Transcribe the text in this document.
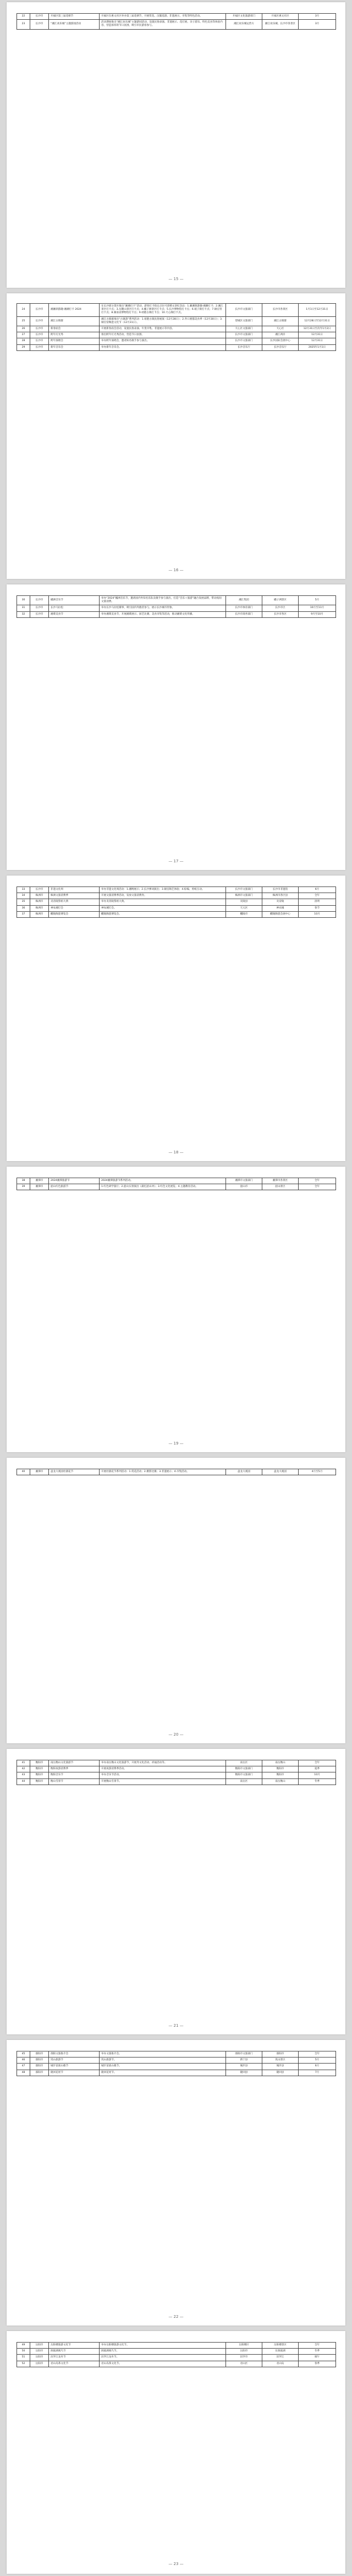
22	长沙市	开福区第三届花朝节	开福区在惠文社区举办第三届花朝节，开展赏花、汉服巡游、非遗展示、市集等特色活动。	开福区文化旅游部门	开福区惠文社区	3月
23	长沙市	“湘江欢乐城”主题游园活动	活动期间推出“湘江欢乐城”主题游园活动，设置民俗表演、非遗展示、花灯展、亲子游乐、特色美食等体验内容，营造浓厚的节日氛围，吸引市民游客参与。	湘江欢乐城运营方	湘江欢乐城、长沙市各景区	3月
— 15 —
24	长沙市	湘湘刹游趣·湘潮打卡 2024	在长沙部分景区推出“湘潮打卡”活动，游客打卡指定点位可获赠文创纪念品：1.湘湘刹游趣·湘潮打卡；2.湘江景区打卡点；3.岳麓山景区打卡点；4.橘子洲景区打卡点；5.长沙博物馆打卡点；6.坡子街打卡点；7.铜官窑打卡点；8.湖南省博物馆打卡点；9.靖港古镇打卡点；10.天心阁打卡点。	长沙市文旅部门	长沙市各景区	1月1日至12月31日
25	长沙市	湘江古镇群	湘江古镇群推出“古镇游”系列活动：1.靖港古镇民俗展演（12月28日）；2.乔口渔都美食季（12月30日）；3.铜官窑陶瓷文化节（12月31日）。	望城区文旅部门	湘江古镇群	12月28日至12月31日
26	长沙市	新春庙会	开展新春庙会活动，设置民俗表演、年货市集、非遗展示等内容。	天心区文旅部门	天心区	12月31日至次年1月2日
27	长沙市	跨年灯光秀	推出跨年灯光秀活动，营造节日氛围。	长沙市文旅部门	湘江两岸	12月31日
28	长沙市	跨年演唱会	举办跨年演唱会，邀请知名歌手参与演出。	长沙市文旅部门	长沙国际会展中心	12月31日
29	长沙市	新年音乐会	举办新年音乐会。	长沙音乐厅	长沙音乐厅	2025年1月1日
— 16 —
30	长沙市	橘洲音乐节	举办“2024”橘洲音乐节，邀请国内外知名乐队及歌手参与演出，打造“音乐＋旅游”融合发展品牌，带动夜间文旅消费。	湘江集团	橘子洲景区	5月
31	长沙市	长沙马拉松	举办长沙马拉松赛事，吸引国内外跑者参与，展示长沙城市形象。	长沙市体育部门	长沙市区	10月至11月
32	长沙市	湘菜美食节	举办湘菜美食节，开展湘菜展示、厨艺比赛、美食市集等活动，推动湘菜文化传播。	长沙市商务部门	长沙市各区	9月至10月
— 17 —
33	长沙市	非遗文化周	举办非遗文化周活动：1.湘绣展示；2.长沙弹词演出；3.铜官陶艺体验；4.棕编、剪纸互动。	长沙市文旅部门	长沙市非遗馆	6月
34	株洲市	株洲文旅消费季	开展文旅消费季活动，发放文旅消费券。	株洲市文旅部门	株洲市各区县	全年
35	株洲市	炎帝陵祭祖大典	举办炎帝陵祭祖大典。	炎陵县	炎帝陵	清明
36	株洲市	神农城灯会	神农城灯会。	天元区	神农城	春节
37	株洲市	醴陵陶瓷博览会	醴陵陶瓷博览会。	醴陵市	醴陵陶瓷会展中心	10月
— 18 —
38	湘潭市	2024湘潭旅游节	2024湘潭旅游节系列活动。	湘潭市文旅部门	湘潭市各景区	全年
39	湘潭市	韶山红色旅游节	1.红色研学旅行；2.韶山实景演出《最忆韶山冲》；3.红色文化展览；4.主题教育活动。	韶山市	韶山景区	全年
— 19 —
40	湘潭市	盘龙大观园杜鹃花节	开展杜鹃花节系列活动：1.赏花活动；2.摄影比赛；3.非遗展示；4.市集活动。	盘龙大观园	盘龙大观园	4月至5月
— 20 —
41	衡阳市	南岳衡山文化旅游节	举办南岳衡山文化旅游节，开展寿文化活动、祈福活动等。	南岳区	南岳衡山	全年
42	衡阳市	衡阳夜游消费季	开展夜游消费季活动。	衡阳市文旅部门	衡阳市	夏季
43	衡阳市	衡阳音乐节	举办音乐节活动。	衡阳市文旅部门	衡阳市	10月
44	衡阳市	衡山雪景节	开展衡山雪景节。	南岳区	南岳衡山	冬季
— 21 —
45	邵阳市	邵阳文旅推介会	举办文旅推介会。	邵阳市文旅部门	邵阳市	全年
46	邵阳市	崀山旅游节	崀山旅游节。	新宁县	崀山景区	5月
47	邵阳市	城步苗族山歌节	城步苗族山歌节。	城步县	城步县	6月
48	邵阳市	隆回花瑶节	隆回花瑶节。	隆回县	隆回县	7月
— 22 —
49	岳阳市	岳阳楼旅游文化节	举办岳阳楼旅游文化节。	岳阳楼区	岳阳楼景区	全年
50	岳阳市	洞庭湖观鸟节	洞庭湖观鸟节。	岳阳市	东洞庭湖	冬季
51	岳阳市	汨罗江龙舟节	汨罗江龙舟节。	汨罗市	汨罗江	端午
52	岳阳市	君山岛茶文化节	君山岛茶文化节。	君山区	君山岛	春季
— 23 —
